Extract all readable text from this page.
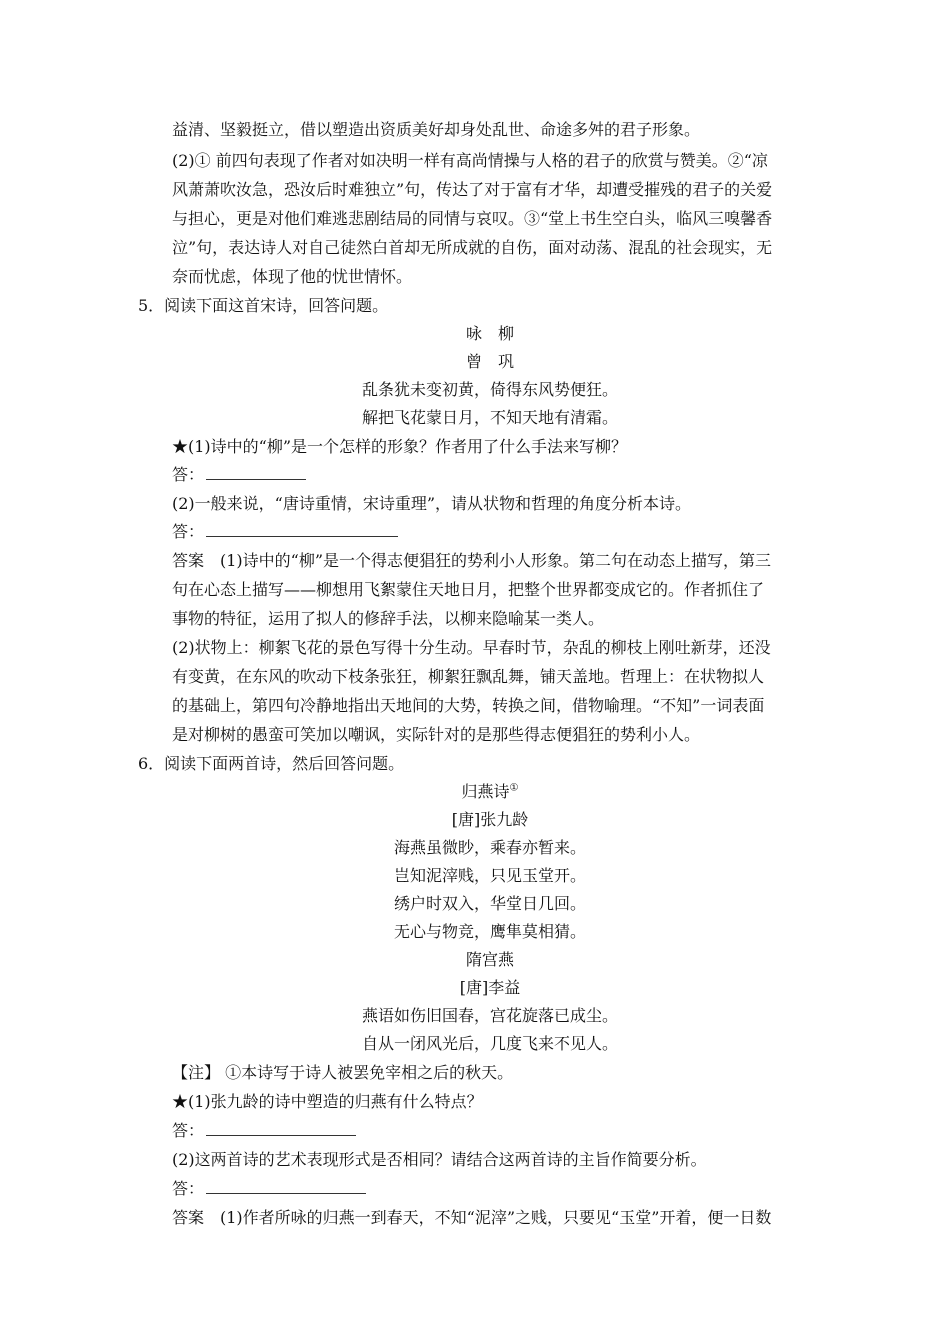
益清、坚毅挺立，借以塑造出资质美好却身处乱世、命途多舛的君子形象。
(2)① 前四句表现了作者对如决明一样有高尚情操与人格的君子的欣赏与赞美。②“凉
风萧萧吹汝急，恐汝后时难独立”句，传达了对于富有才华，却遭受摧残的君子的关爱
与担心，更是对他们难逃悲剧结局的同情与哀叹。③“堂上书生空白头，临风三嗅馨香
泣”句，表达诗人对自己徒然白首却无所成就的自伤，面对动荡、混乱的社会现实，无
奈而忧虑，体现了他的忧世情怀。
5．阅读下面这首宋诗，回答问题。
咏　柳
曾　巩
乱条犹未变初黄，倚得东风势便狂。
解把飞花蒙日月，不知天地有清霜。
★(1)诗中的“柳”是一个怎样的形象？作者用了什么手法来写柳？
答：
(2)一般来说，“唐诗重情，宋诗重理”，请从状物和哲理的角度分析本诗。
答：
答案　(1)诗中的“柳”是一个得志便猖狂的势利小人形象。第二句在动态上描写，第三
句在心态上描写——柳想用飞絮蒙住天地日月，把整个世界都变成它的。作者抓住了
事物的特征，运用了拟人的修辞手法，以柳来隐喻某一类人。
(2)状物上：柳絮飞花的景色写得十分生动。早春时节，杂乱的柳枝上刚吐新芽，还没
有变黄，在东风的吹动下枝条张狂，柳絮狂飘乱舞，铺天盖地。哲理上：在状物拟人
的基础上，第四句冷静地指出天地间的大势，转换之间，借物喻理。“不知”一词表面
是对柳树的愚蛮可笑加以嘲讽，实际针对的是那些得志便猖狂的势利小人。
6．阅读下面两首诗，然后回答问题。
归燕诗①
[唐]张九龄
海燕虽微眇，乘春亦暂来。
岂知泥滓贱，只见玉堂开。
绣户时双入，华堂日几回。
无心与物竞，鹰隼莫相猜。
隋宫燕
[唐]李益
燕语如伤旧国春，宫花旋落已成尘。
自从一闭风光后，几度飞来不见人。
【注】 ①本诗写于诗人被罢免宰相之后的秋天。
★(1)张九龄的诗中塑造的归燕有什么特点？
答：
(2)这两首诗的艺术表现形式是否相同？请结合这两首诗的主旨作简要分析。
答：
答案　(1)作者所咏的归燕一到春天，不知“泥滓”之贱，只要见“玉堂”开着，便一日数
